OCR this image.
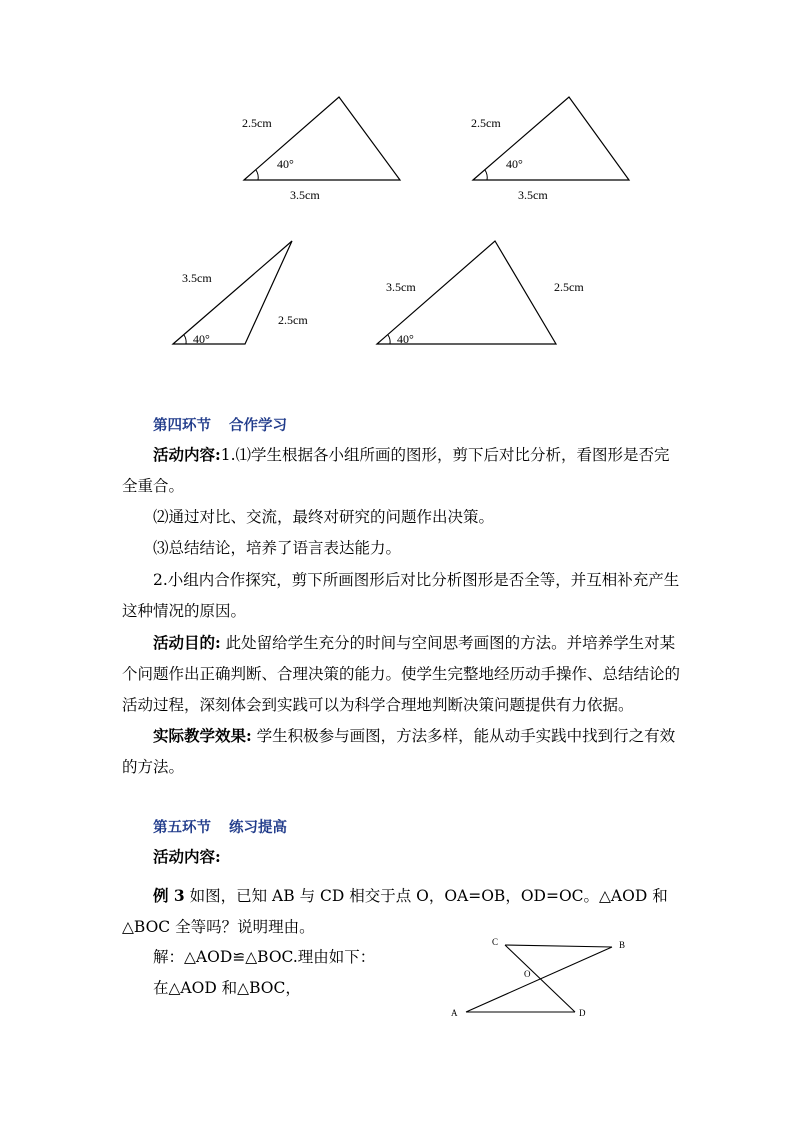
2.5cm
40°
3.5cm
2.5cm
40°
3.5cm
3.5cm
2.5cm
40°
3.5cm	2.5cm
40°

第四环节 合作学习

活动内容:1.⑴学生根据各小组所画的图形，剪下后对比分析，看图形是否完全重合。

⑵通过对比、交流，最终对研究的问题作出决策。

⑶总结结论，培养了语言表达能力。

2.小组内合作探究，剪下所画图形后对比分析图形是否全等，并互相补充产生这种情况的原因。

活动目的: 此处留给学生充分的时间与空间思考画图的方法。并培养学生对某个问题作出正确判断、合理决策的能力。使学生完整地经历动手操作、总结结论的活动过程，深刻体会到实践可以为科学合理地判断决策问题提供有力依据。

实际教学效果: 学生积极参与画图，方法多样，能从动手实践中找到行之有效的方法。

第五环节 练习提高

活动内容:

例 3 如图，已知 AB 与 CD 相交于点 O，OA=OB，OD=OC。△AOD 和△BOC 全等吗？说明理由。

解：△AOD≌△BOC.理由如下：

在△AOD 和△BOC，

C	B
O
A	D
